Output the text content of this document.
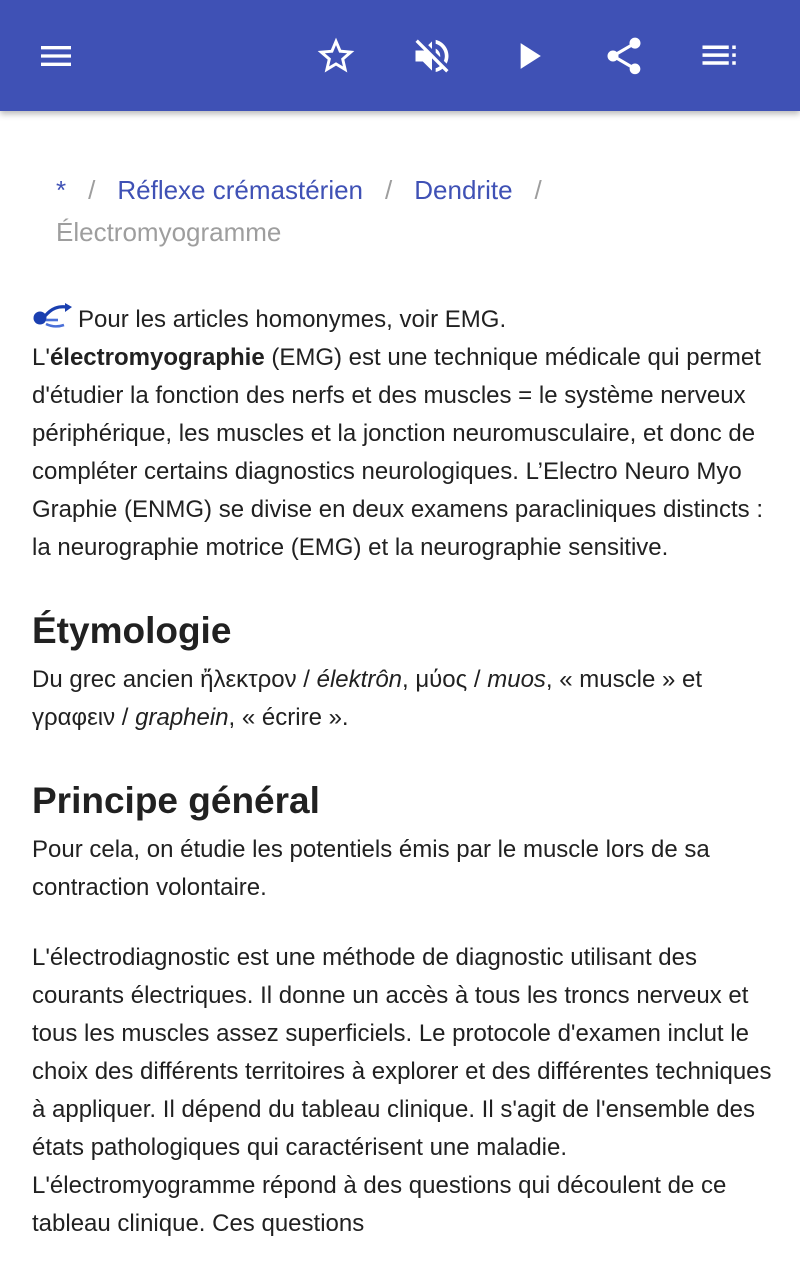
* / Réflexe crémastérien / Dendrite /
Électromyogramme
Pour les articles homonymes, voir EMG.

L'électromyographie (EMG) est une technique médicale qui permet d'étudier la fonction des nerfs et des muscles = le système nerveux périphérique, les muscles et la jonction neuromusculaire, et donc de compléter certains diagnostics neurologiques. L’Electro Neuro Myo Graphie (ENMG) se divise en deux examens paracliniques distincts : la neurographie motrice (EMG) et la neurographie sensitive.

Étymologie

Du grec ancien ἤλεκτρον / élektrôn, μύος / muos, « muscle » et γραφειν / graphein, « écrire ».

Principe général

Pour cela, on étudie les potentiels émis par le muscle lors de sa contraction volontaire.

L'électrodiagnostic est une méthode de diagnostic utilisant des courants électriques. Il donne un accès à tous les troncs nerveux et tous les muscles assez superficiels. Le protocole d'examen inclut le choix des différents territoires à explorer et des différentes techniques à appliquer. Il dépend du tableau clinique. Il s'agit de l'ensemble des états pathologiques qui caractérisent une maladie. L'électromyogramme répond à des questions qui découlent de ce tableau clinique. Ces questions
